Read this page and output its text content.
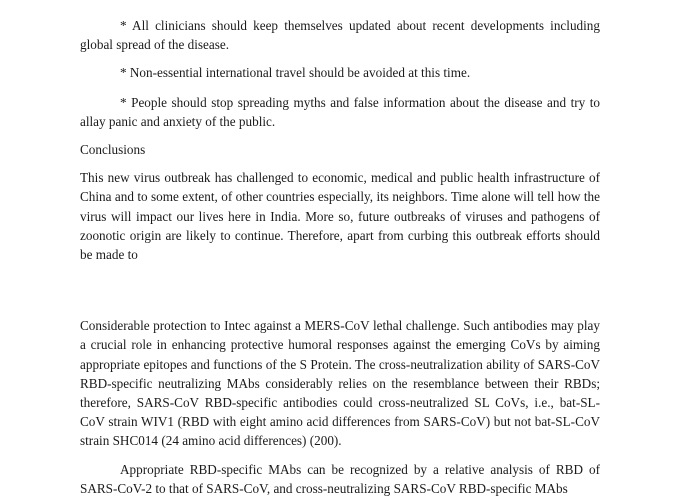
* All clinicians should keep themselves updated about recent developments including global spread of the disease.

* Non-essential international travel should be avoided at this time.

* People should stop spreading myths and false information about the disease and try to allay panic and anxiety of the public.

Conclusions

This new virus outbreak has challenged to economic, medical and public health infrastructure of China and to some extent, of other countries especially, its neighbors. Time alone will tell how the virus will impact our lives here in India. More so, future outbreaks of viruses and pathogens of zoonotic origin are likely to continue. Therefore, apart from curbing this outbreak efforts should be made to

Considerable protection to Intec against a MERS-CoV lethal challenge. Such antibodies may play a crucial role in enhancing protective humoral responses against the emerging CoVs by aiming appropriate epitopes and functions of the S Protein. The cross-neutralization ability of SARS-CoV RBD-specific neutralizing MAbs considerably relies on the resemblance between their RBDs; therefore, SARS-CoV RBD-specific antibodies could cross-neutralized SL CoVs, i.e., bat-SL-CoV strain WIV1 (RBD with eight amino acid differences from SARS-CoV) but not bat-SL-CoV strain SHC014 (24 amino acid differences) (200).

Appropriate RBD-specific MAbs can be recognized by a relative analysis of RBD of SARS-CoV-2 to that of SARS-CoV, and cross-neutralizing SARS-CoV RBD-specific MAbs
